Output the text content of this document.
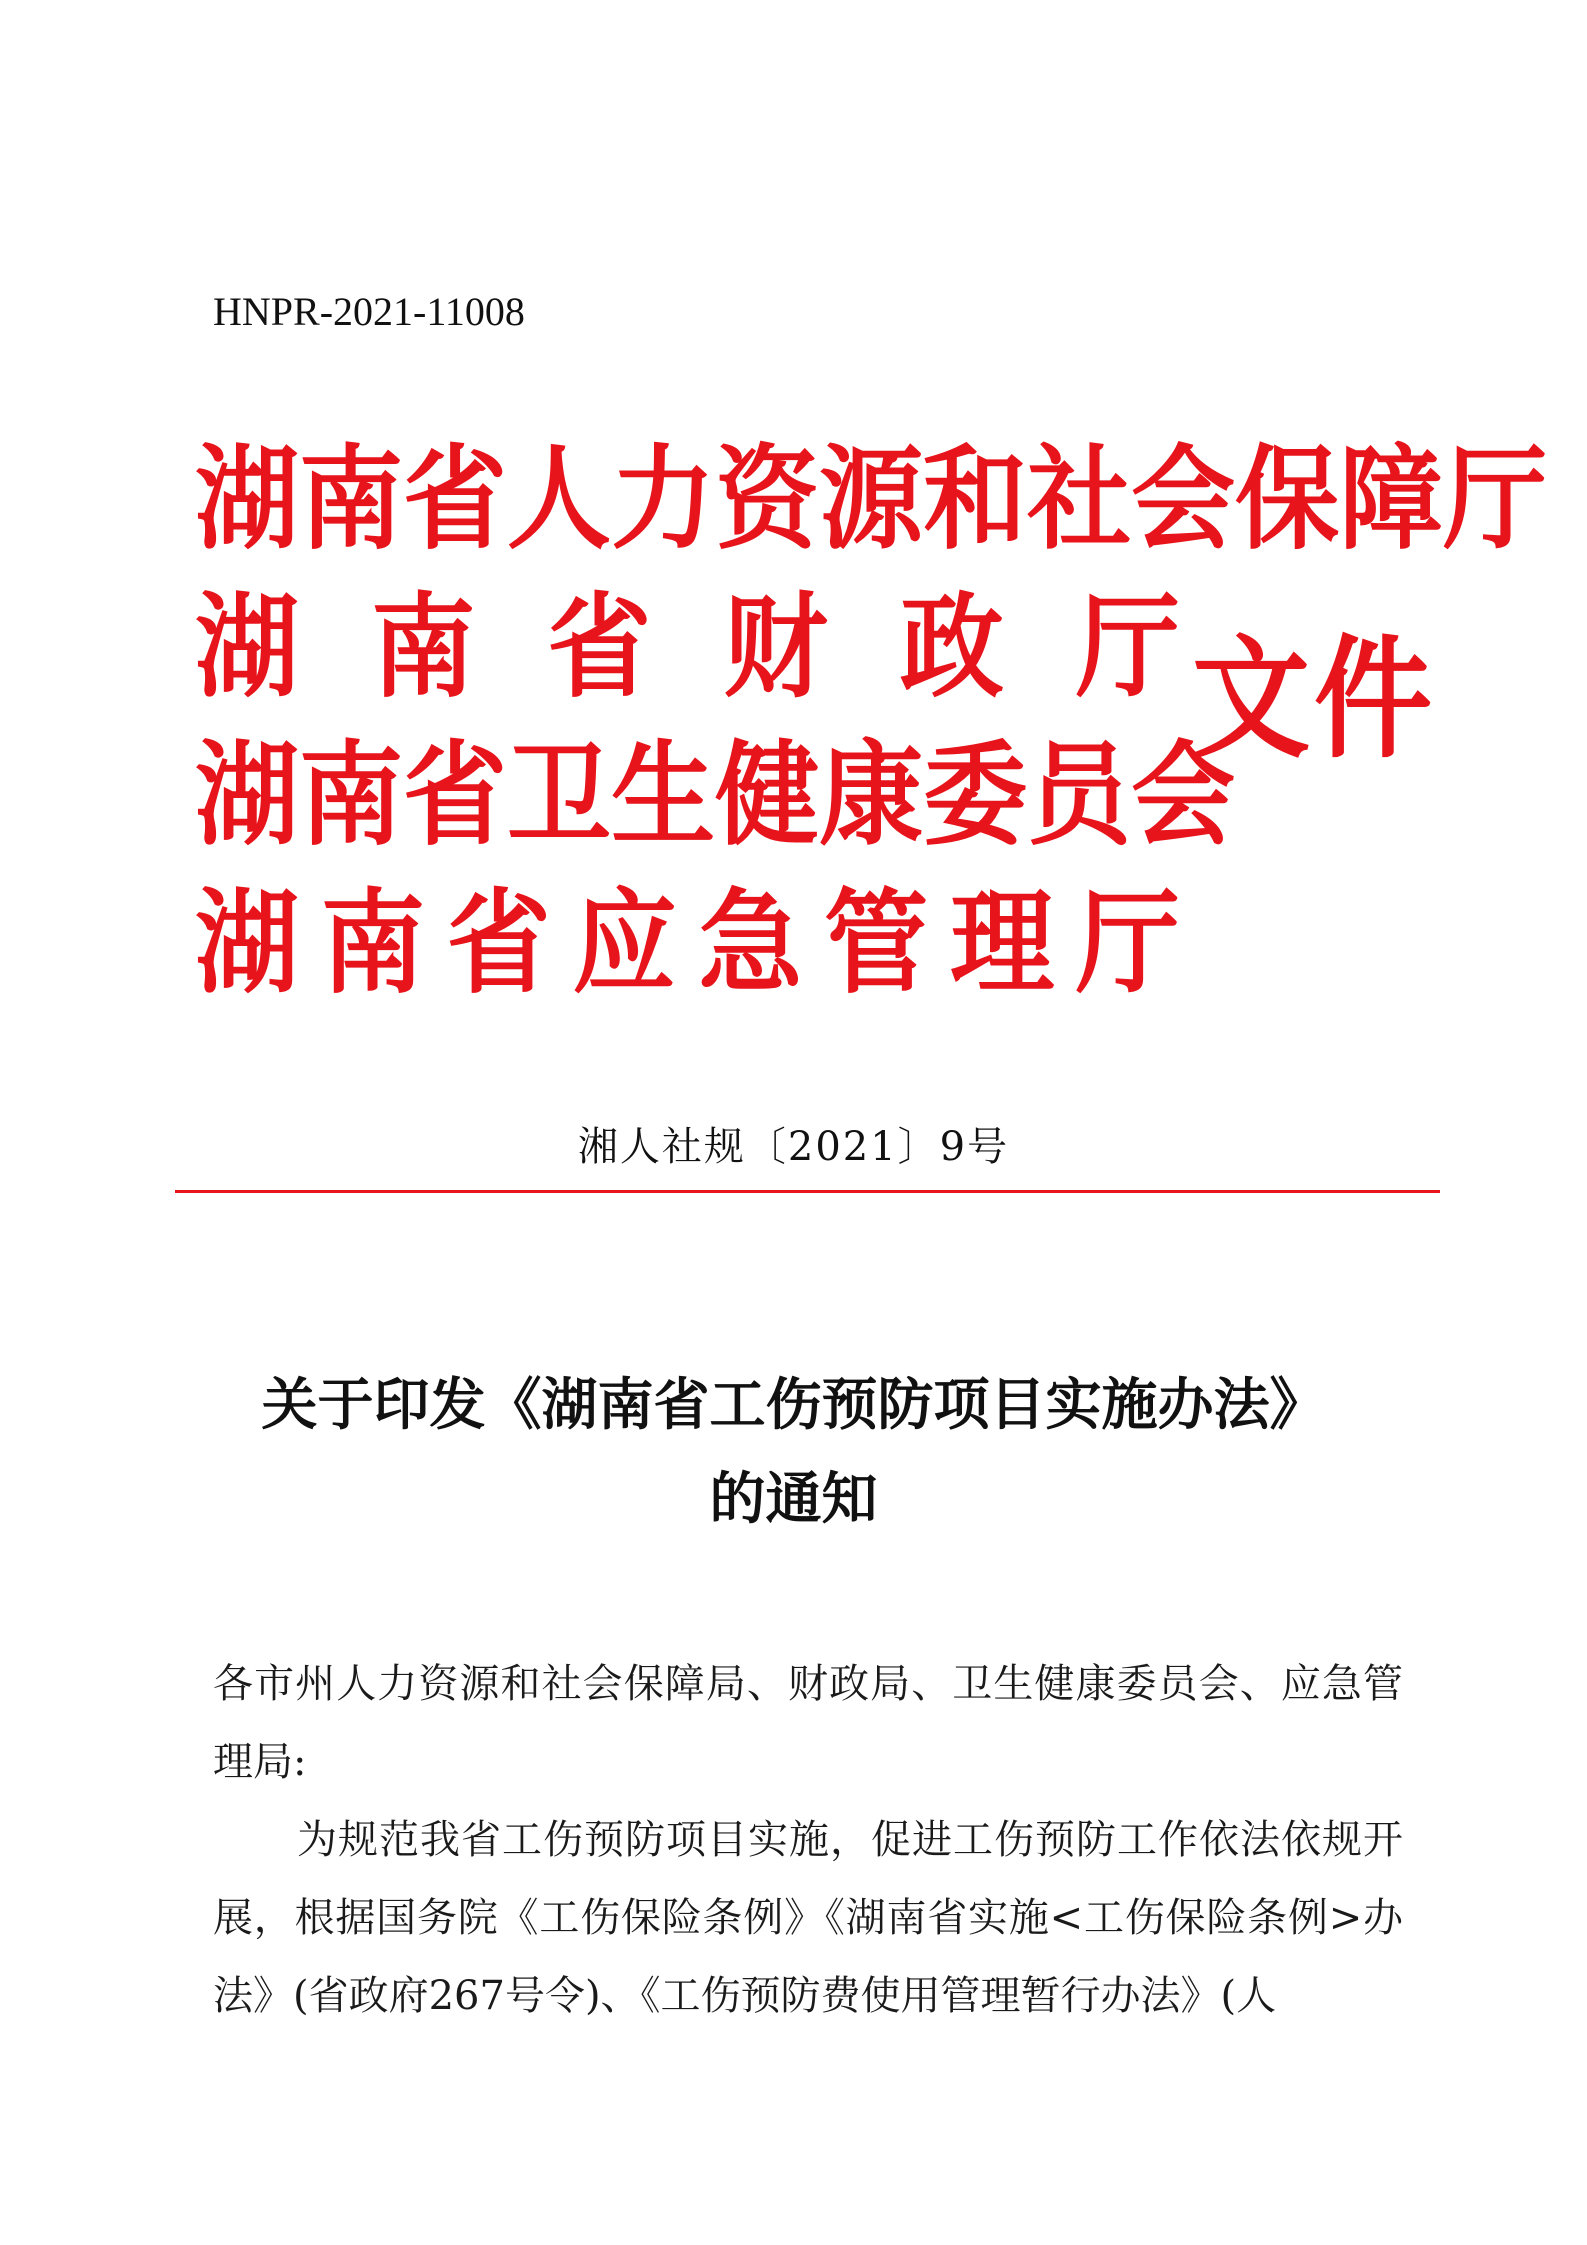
HNPR-2021-11008
湖 南 省 人 力 资 源 和 社 会 保 障 厅
湖 南 省 财 政 厅
湖 南 省 卫 生 健 康 委 员 会
湖 南 省 应 急 管 理 厅
文件
湘人社规〔2021〕9号
关于印发《湖南省工伤预防项目实施办法》
的通知

各市州人力资源和社会保障局、财政局、卫生健康委员会、应急管理局:

为规范我省工伤预防项目实施，促进工伤预防工作依法依规开展，根据国务院《工伤保险条例》《湖南省实施<工伤保险条例>办法》(省政府267号令)、《工伤预防费使用管理暂行办法》(人
